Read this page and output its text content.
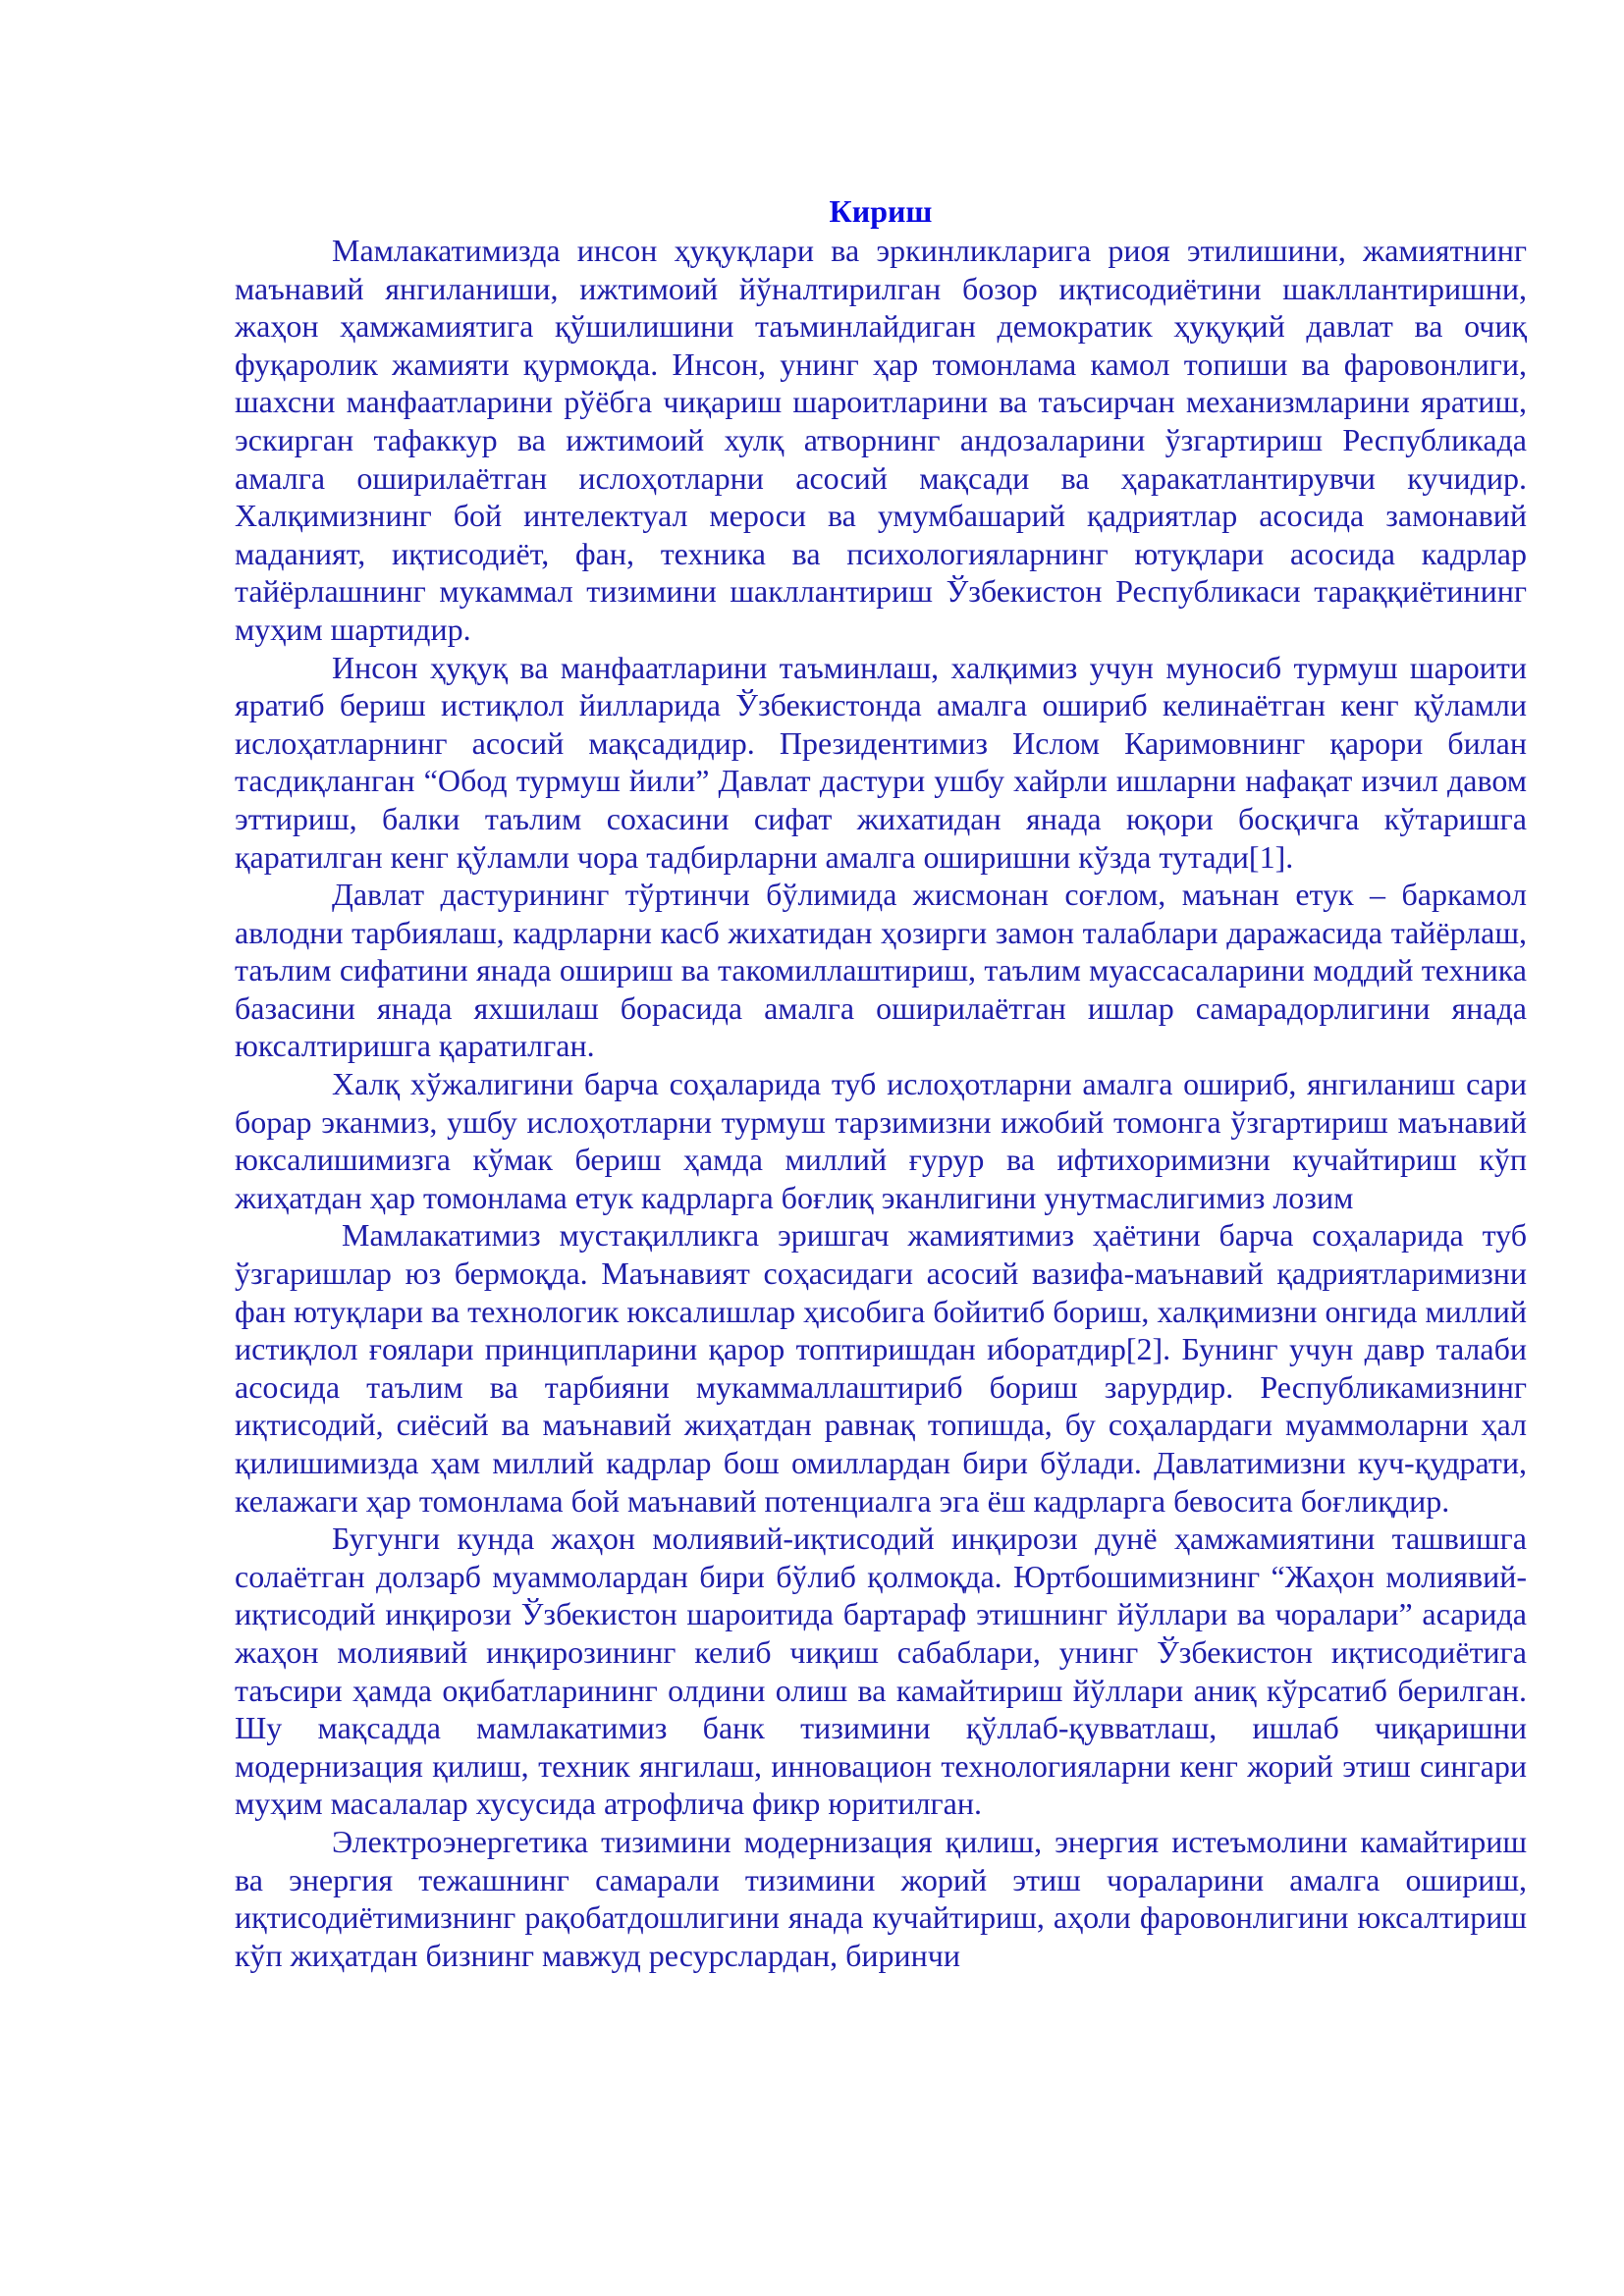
Кириш

Мамлакатимизда инсон ҳуқуқлари ва эркинликларига риоя этилишини, жамиятнинг маънавий янгиланиши, ижтимоий йўналтирилган бозор иқтисодиётини шакллантиришни, жаҳон ҳамжамиятига қўшилишини таъминлайдиган демократик ҳуқуқий давлат ва очиқ фуқаролик жамияти қурмоқда. Инсон, унинг ҳар томонлама камол топиши ва фаровонлиги, шахсни манфаатларини рўёбга чиқариш шароитларини ва таъсирчан механизмларини яратиш, эскирган тафаккур ва ижтимоий хулқ атворнинг андозаларини ўзгартириш Республикада амалга оширилаётган ислоҳотларни асосий мақсади ва ҳаракатлантирувчи кучидир. Халқимизнинг бой интелектуал мероси ва умумбашарий қадриятлар асосида замонавий маданият, иқтисодиёт, фан, техника ва психологияларнинг ютуқлари асосида кадрлар тайёрлашнинг мукаммал тизимини шакллантириш Ўзбекистон Республикаси тараққиётининг муҳим шартидир.

Инсон ҳуқуқ ва манфаатларини таъминлаш, халқимиз учун муносиб турмуш шароити яратиб бериш истиқлол йилларида Ўзбекистонда амалга ошириб келинаётган кенг қўламли ислоҳатларнинг асосий мақсадидир. Президентимиз Ислом Каримовнинг қарори билан тасдиқланган “Обод турмуш йили” Давлат дастури ушбу хайрли ишларни нафақат изчил давом эттириш, балки таълим сохасини сифат жихатидан янада юқори босқичга кўтаришга қаратилган кенг қўламли чора тадбирларни амалга оширишни кўзда тутади[1].

Давлат дастурининг тўртинчи бўлимида жисмонан соғлом, маънан етук – баркамол авлодни тарбиялаш, кадрларни касб жихатидан ҳозирги замон талаблари даражасида тайёрлаш, таълим сифатини янада ошириш ва такомиллаштириш, таълим муассасаларини моддий техника базасини янада яхшилаш борасида амалга оширилаётган ишлар самарадорлигини янада юксалтиришга қаратилган.

Халқ хўжалигини барча соҳаларида туб ислоҳотларни амалга ошириб, янгиланиш сари борар эканмиз, ушбу ислоҳотларни турмуш тарзимизни ижобий томонга ўзгартириш маънавий юксалишимизга кўмак бериш ҳамда миллий ғурур ва ифтихоримизни кучайтириш кўп жиҳатдан ҳар томонлама етук кадрларга боғлиқ эканлигини унутмаслигимиз лозим

Мамлакатимиз мустақилликга эришгач жамиятимиз ҳаётини барча соҳаларида туб ўзгаришлар юз бермоқда. Маънавият соҳасидаги асосий вазифа-маънавий қадриятларимизни фан ютуқлари ва технологик юксалишлар ҳисобига бойитиб бориш, халқимизни онгида миллий истиқлол ғоялари принципларини қарор топтиришдан иборатдир[2]. Бунинг учун давр талаби асосида таълим ва тарбияни мукаммаллаштириб бориш зарурдир. Республикамизнинг иқтисодий, сиёсий ва маънавий жиҳатдан равнақ топишда, бу соҳалардаги муаммоларни ҳал қилишимизда ҳам миллий кадрлар бош омиллардан бири бўлади. Давлатимизни куч-қудрати, келажаги ҳар томонлама бой маънавий потенциалга эга ёш кадрларга бевосита боғлиқдир.

Бугунги кунда жаҳон молиявий-иқтисодий инқирози дунё ҳамжамиятини ташвишга солаётган долзарб муаммолардан бири бўлиб қолмоқда. Юртбошимизнинг “Жаҳон молиявий-иқтисодий инқирози Ўзбекистон шароитида бартараф этишнинг йўллари ва чоралари” асарида жаҳон молиявий инқирозининг келиб чиқиш сабаблари, унинг Ўзбекистон иқтисодиётига таъсири ҳамда оқибатларининг олдини олиш ва камайтириш йўллари аниқ кўрсатиб берилган. Шу мақсадда мамлакатимиз банк тизимини қўллаб-қувватлаш, ишлаб чиқаришни модернизация қилиш, техник янгилаш, инновацион технологияларни кенг жорий этиш сингари муҳим масалалар хусусида атрофлича фикр юритилган.

Электроэнергетика тизимини модернизация қилиш, энергия истеъмолини камайтириш ва энергия тежашнинг самарали тизимини жорий этиш чораларини амалга ошириш, иқтисодиётимизнинг рақобатдошлигини янада кучайтириш, аҳоли фаровонлигини юксалтириш кўп жиҳатдан бизнинг мавжуд ресурслардан, биринчи
